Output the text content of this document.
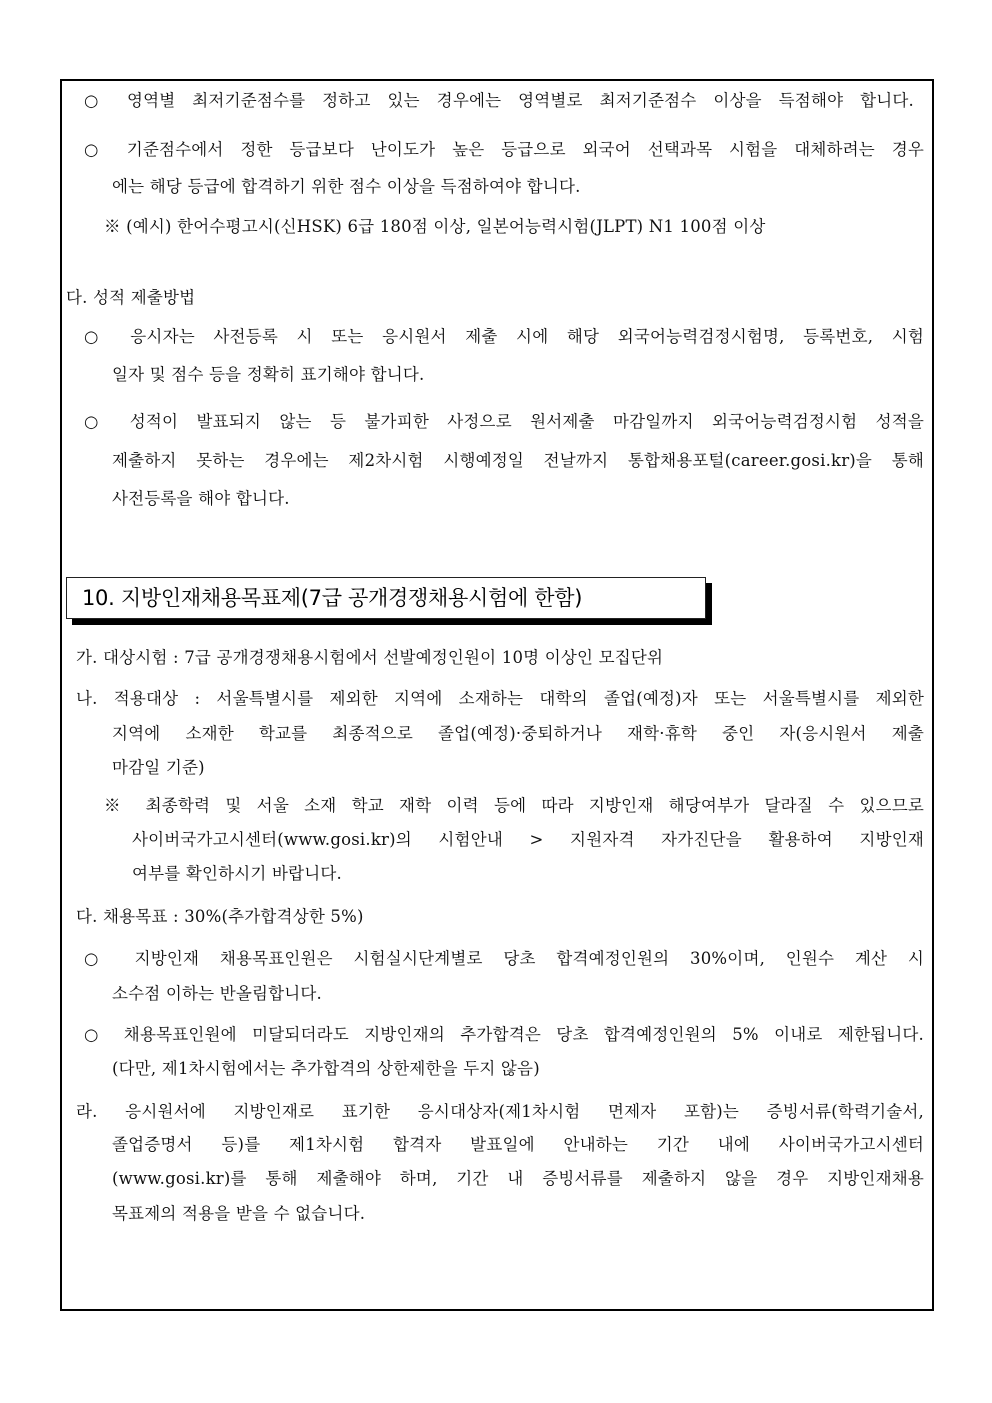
○ 영역별 최저기준점수를 정하고 있는 경우에는 영역별로 최저기준점수 이상을 득점해야 합니다.
○ 기준점수에서 정한 등급보다 난이도가 높은 등급으로 외국어 선택과목 시험을 대체하려는 경우
에는 해당 등급에 합격하기 위한 점수 이상을 득점하여야 합니다.
※ (예시) 한어수평고시(신HSK) 6급 180점 이상, 일본어능력시험(JLPT) N1 100점 이상
다. 성적 제출방법
○ 응시자는 사전등록 시 또는 응시원서 제출 시에 해당 외국어능력검정시험명, 등록번호, 시험
일자 및 점수 등을 정확히 표기해야 합니다.
○ 성적이 발표되지 않는 등 불가피한 사정으로 원서제출 마감일까지 외국어능력검정시험 성적을
제출하지 못하는 경우에는 제2차시험 시행예정일 전날까지 통합채용포털(career.gosi.kr)을 통해
사전등록을 해야 합니다.
10. 지방인재채용목표제(7급 공개경쟁채용시험에 한함)
가. 대상시험 : 7급 공개경쟁채용시험에서 선발예정인원이 10명 이상인 모집단위
나. 적용대상 : 서울특별시를 제외한 지역에 소재하는 대학의 졸업(예정)자 또는 서울특별시를 제외한
지역에 소재한 학교를 최종적으로 졸업(예정)·중퇴하거나 재학·휴학 중인 자(응시원서 제출
마감일 기준)
※ 최종학력 및 서울 소재 학교 재학 이력 등에 따라 지방인재 해당여부가 달라질 수 있으므로
사이버국가고시센터(www.gosi.kr)의 시험안내 > 지원자격 자가진단을 활용하여 지방인재
여부를 확인하시기 바랍니다.
다. 채용목표 : 30%(추가합격상한 5%)
○ 지방인재 채용목표인원은 시험실시단계별로 당초 합격예정인원의 30%이며, 인원수 계산 시
소수점 이하는 반올림합니다.
○ 채용목표인원에 미달되더라도 지방인재의 추가합격은 당초 합격예정인원의 5% 이내로 제한됩니다.
(다만, 제1차시험에서는 추가합격의 상한제한을 두지 않음)
라. 응시원서에 지방인재로 표기한 응시대상자(제1차시험 면제자 포함)는 증빙서류(학력기술서,
졸업증명서 등)를 제1차시험 합격자 발표일에 안내하는 기간 내에 사이버국가고시센터
(www.gosi.kr)를 통해 제출해야 하며, 기간 내 증빙서류를 제출하지 않을 경우 지방인재채용
목표제의 적용을 받을 수 없습니다.
